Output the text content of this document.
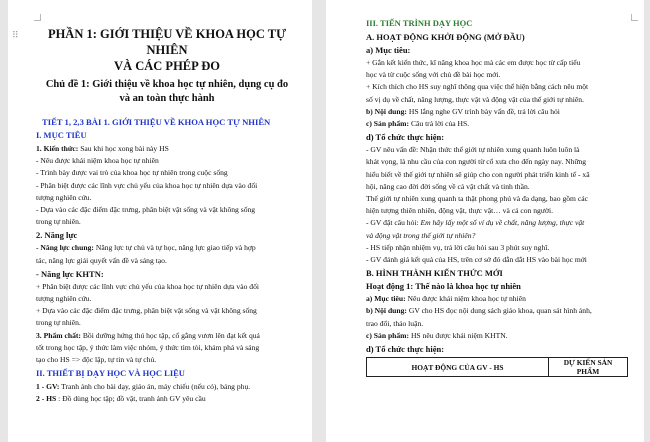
⠿	PHẦN 1: GIỚI THIỆU VỀ KHOA HỌC TỰ NHIÊN
VÀ CÁC PHÉP ĐO
Chủ đề 1: Giới thiệu về khoa học tự nhiên, dụng cụ đo
và an toàn thực hành
TIẾT 1, 2,3 BÀI 1. GIỚI THIỆU VỀ KHOA HỌC TỰ NHIÊN
I. MỤC TIÊU

1. Kiến thức: Sau khi học xong bài này HS

- Nêu được khái niệm khoa học tự nhiên

- Trình bày được vai trò của khoa học tự nhiên trong cuộc sống

- Phân biệt được các lĩnh vực chủ yếu của khoa học tự nhiên dựa vào đối

tượng nghiên cứu.

- Dựa vào các đặc điểm đặc trưng, phân biệt vật sống và vật không sống

trong tự nhiên.

2. Năng lực

- Năng lực chung: Năng lực tự chủ và tự học, năng lực giao tiếp và hợp

tác, năng lực giải quyết vấn đề và sáng tạo.

- Năng lực KHTN:

+ Phân biệt được các lĩnh vực chủ yếu của khoa học tự nhiên dựa vào đối

tượng nghiên cứu.

+ Dựa vào các đặc điểm đặc trưng, phân biệt vật sống và vật không sống

trong tự nhiên.

3. Phẩm chất: Bồi dưỡng hứng thú học tập, cố gắng vươn lên đạt kết quả

tốt trong học tập, ý thức làm việc nhóm, ý thức tìm tòi, khám phá và sáng

tạo cho HS => độc lập, tự tin và tự chủ.

II. THIẾT BỊ DẠY HỌC VÀ HỌC LIỆU

1 - GV: Tranh ảnh cho bài dạy, giáo án, máy chiếu (nếu có), bảng phụ.

2 - HS : Đồ dùng học tập; đồ vật, tranh ảnh GV yêu cầu

III. TIẾN TRÌNH DẠY HỌC
A. HOẠT ĐỘNG KHỞI ĐỘNG (MỞ ĐẦU)
a) Mục tiêu:

+ Gắn kết kiến thức, kĩ năng khoa học mà các em được học từ cấp tiểu

học và từ cuộc sống với chủ đề bài học mới.

+ Kích thích cho HS suy nghĩ thông qua việc thể hiện bằng cách nêu một

số vị dụ về chất, năng lượng, thực vật và động vật của thế giới tự nhiên.

b) Nội dung: HS lắng nghe GV trình bày vấn đề, trả lời câu hỏi

c) Sản phẩm: Câu trả lời của HS.

d) Tổ chức thực hiện:

- GV nêu vấn đề: Nhận thức thế giới tự nhiên xung quanh luôn luôn là

khát vọng, là nhu cầu của con người từ cổ xưa cho đến ngày nay. Những

hiểu biết về thế giới tự nhiên sẽ giúp cho con người phát triển kinh tế - xã

hội, nâng cao đời đời sống về cả vật chất và tinh thần.

Thế giới tự nhiên xung quanh ta thật phong phú và đa dạng, bao gồm các

hiện tượng thiên nhiên, động vật, thực vật… và cả con người.

- GV đặt câu hỏi: Em hãy lấy một số ví dụ về chất, năng lượng, thực vật

và động vật trong thế giới tự nhiên?

- HS tiếp nhận nhiệm vụ, trả lời câu hỏi sau 3 phút suy nghĩ.

- GV đánh giá kết quả của HS, trên cơ sở đó dẫn dắt HS vào bài học mới

B. HÌNH THÀNH KIẾN THỨC MỚI
Hoạt động 1: Thế nào là khoa học tự nhiên

a) Mục tiêu: Nêu được khái niệm khoa học tự nhiên

b) Nội dung: GV cho HS đọc nội dung sách giáo khoa, quan sát hình ảnh,

trao đổi, thảo luận.

c) Sản phẩm: HS nêu được khái niệm KHTN.

d) Tổ chức thực hiện:
HOẠT ĐỘNG CỦA GV - HS	DỰ KIẾN SẢN PHẨM
